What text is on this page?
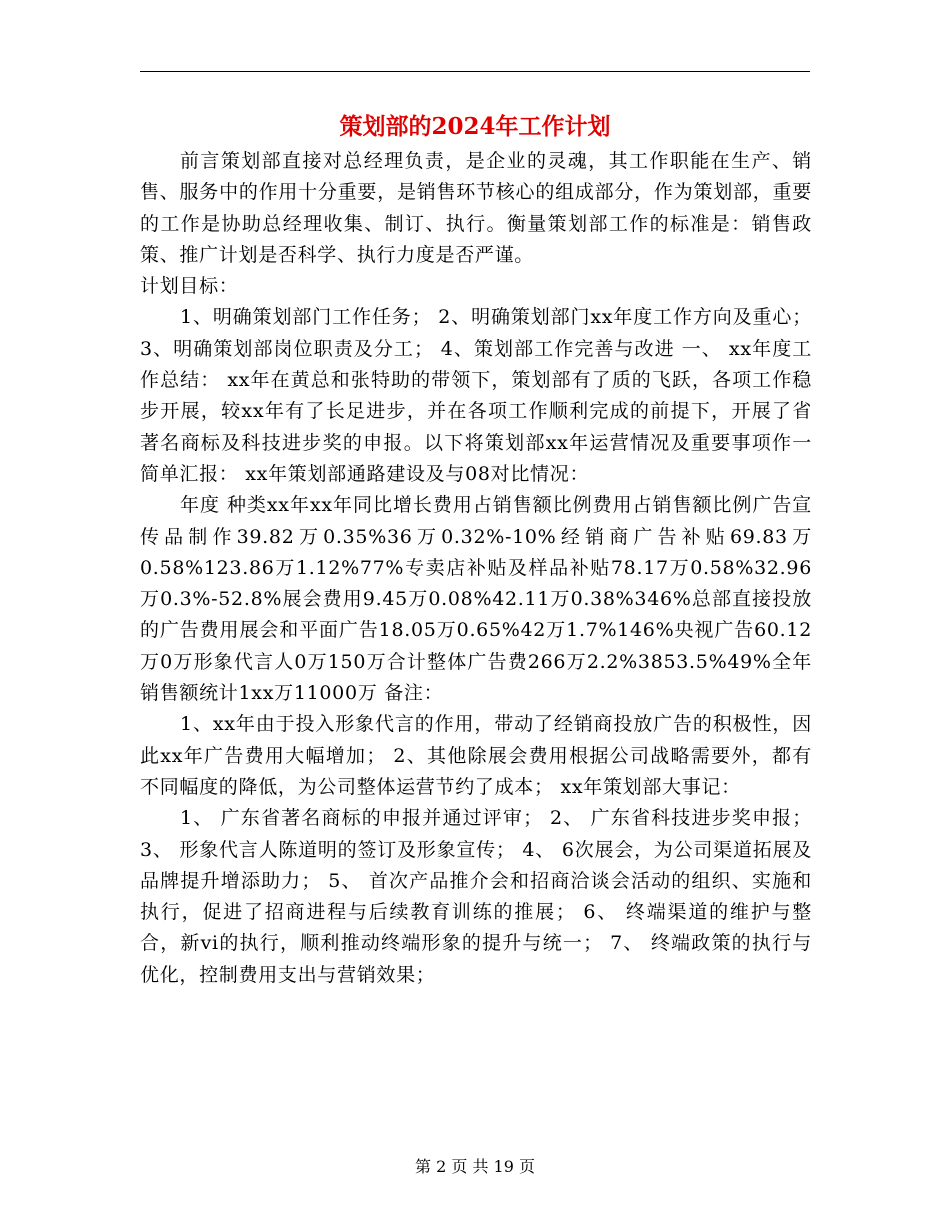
策划部的2024年工作计划

前言策划部直接对总经理负责，是企业的灵魂，其工作职能在生产、销售、服务中的作用十分重要，是销售环节核心的组成部分，作为策划部，重要的工作是协助总经理收集、制订、执行。衡量策划部工作的标准是：销售政策、推广计划是否科学、执行力度是否严谨。

计划目标：

1、明确策划部门工作任务； 2、明确策划部门xx年度工作方向及重心； 3、明确策划部岗位职责及分工； 4、策划部工作完善与改进 一、 xx年度工作总结： xx年在黄总和张特助的带领下，策划部有了质的飞跃，各项工作稳步开展，较xx年有了长足进步，并在各项工作顺利完成的前提下，开展了省著名商标及科技进步奖的申报。以下将策划部xx年运营情况及重要事项作一简单汇报： xx年策划部通路建设及与08对比情况：

年度 种类xx年xx年同比增长费用占销售额比例费用占销售额比例广告宣传品制作39.82万0.35%36万0.32%-10%经销商广告补贴69.83万0.58%123.86万1.12%77%专卖店补贴及样品补贴78.17万0.58%32.96万0.3%-52.8%展会费用9.45万0.08%42.11万0.38%346%总部直接投放的广告费用展会和平面广告18.05万0.65%42万1.7%146%央视广告60.12万0万形象代言人0万150万合计整体广告费266万2.2%3853.5%49%全年销售额统计1xx万11000万 备注：

1、xx年由于投入形象代言的作用，带动了经销商投放广告的积极性，因此xx年广告费用大幅增加； 2、其他除展会费用根据公司战略需要外，都有不同幅度的降低，为公司整体运营节约了成本； xx年策划部大事记：

1、 广东省著名商标的申报并通过评审； 2、 广东省科技进步奖申报； 3、 形象代言人陈道明的签订及形象宣传； 4、 6次展会，为公司渠道拓展及品牌提升增添助力； 5、 首次产品推介会和招商洽谈会活动的组织、实施和执行，促进了招商进程与后续教育训练的推展； 6、 终端渠道的维护与整合，新vi的执行，顺利推动终端形象的提升与统一； 7、 终端政策的执行与优化，控制费用支出与营销效果；

第 2 页 共 19 页
